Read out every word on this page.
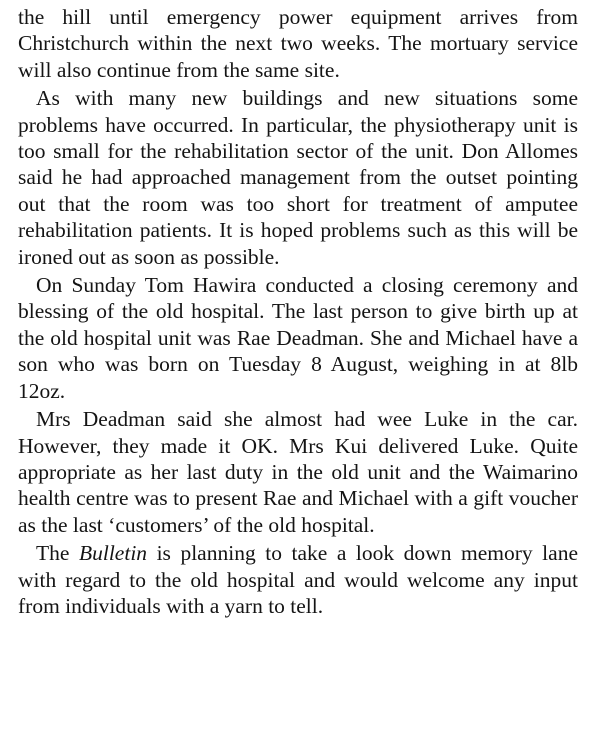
the hill until emergency power equipment arrives from Christchurch within the next two weeks. The mortuary service will also continue from the same site.

As with many new buildings and new situations some problems have occurred. In particular, the physiotherapy unit is too small for the rehabilitation sector of the unit. Don Allomes said he had approached management from the outset pointing out that the room was too short for treatment of amputee rehabilitation patients. It is hoped problems such as this will be ironed out as soon as possible.

On Sunday Tom Hawira conducted a closing ceremony and blessing of the old hospital. The last person to give birth up at the old hospital unit was Rae Deadman. She and Michael have a son who was born on Tuesday 8 August, weighing in at 8lb 12oz.

Mrs Deadman said she almost had wee Luke in the car. However, they made it OK. Mrs Kui delivered Luke. Quite appropriate as her last duty in the old unit and the Waimarino health centre was to present Rae and Michael with a gift voucher as the last ‘customers’ of the old hospital.

The Bulletin is planning to take a look down memory lane with regard to the old hospital and would welcome any input from individuals with a yarn to tell.
